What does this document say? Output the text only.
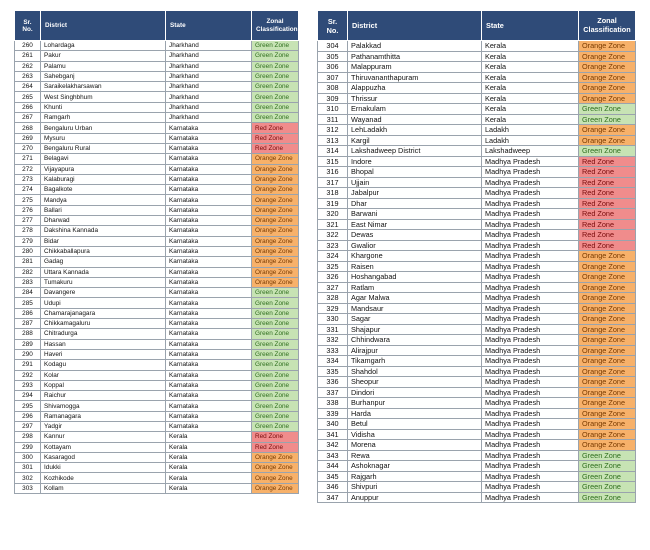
Sr. No.	District	State	Zonal Classification
260	Lohardaga	Jharkhand	Green Zone
261	Pakur	Jharkhand	Green Zone
262	Palamu	Jharkhand	Green Zone
263	Sahebganj	Jharkhand	Green Zone
264	Saraikelakharsawan	Jharkhand	Green Zone
265	West Singhbhum	Jharkhand	Green Zone
266	Khunti	Jharkhand	Green Zone
267	Ramgarh	Jharkhand	Green Zone
268	Bengaluru Urban	Karnataka	Red Zone
269	Mysuru	Karnataka	Red Zone
270	Bengaluru Rural	Karnataka	Red Zone
271	Belagavi	Karnataka	Orange Zone
272	Vijayapura	Karnataka	Orange Zone
273	Kalaburagi	Karnataka	Orange Zone
274	Bagalkote	Karnataka	Orange Zone
275	Mandya	Karnataka	Orange Zone
276	Ballari	Karnataka	Orange Zone
277	Dharwad	Karnataka	Orange Zone
278	Dakshina Kannada	Karnataka	Orange Zone
279	Bidar	Karnataka	Orange Zone
280	Chikkaballapura	Karnataka	Orange Zone
281	Gadag	Karnataka	Orange Zone
282	Uttara Kannada	Karnataka	Orange Zone
283	Tumakuru	Karnataka	Orange Zone
284	Davangere	Karnataka	Green Zone
285	Udupi	Karnataka	Green Zone
286	Chamarajanagara	Karnataka	Green Zone
287	Chikkamagaluru	Karnataka	Green Zone
288	Chitradurga	Karnataka	Green Zone
289	Hassan	Karnataka	Green Zone
290	Haveri	Karnataka	Green Zone
291	Kodagu	Karnataka	Green Zone
292	Kolar	Karnataka	Green Zone
293	Koppal	Karnataka	Green Zone
294	Raichur	Karnataka	Green Zone
295	Shivamogga	Karnataka	Green Zone
296	Ramanagara	Karnataka	Green Zone
297	Yadgir	Karnataka	Green Zone
298	Kannur	Kerala	Red Zone
299	Kottayam	Kerala	Red Zone
300	Kasaragod	Kerala	Orange Zone
301	Idukki	Kerala	Orange Zone
302	Kozhikode	Kerala	Orange Zone
303	Kollam	Kerala	Orange Zone
Sr. No.	District	State	Zonal Classification
304	Palakkad	Kerala	Orange Zone
305	Pathanamthitta	Kerala	Orange Zone
306	Malappuram	Kerala	Orange Zone
307	Thiruvananthapuram	Kerala	Orange Zone
308	Alappuzha	Kerala	Orange Zone
309	Thrissur	Kerala	Orange Zone
310	Ernakulam	Kerala	Green Zone
311	Wayanad	Kerala	Green Zone
312	LehLadakh	Ladakh	Orange Zone
313	Kargil	Ladakh	Orange Zone
314	Lakshadweep District	Lakshadweep	Green Zone
315	Indore	Madhya Pradesh	Red Zone
316	Bhopal	Madhya Pradesh	Red Zone
317	Ujjain	Madhya Pradesh	Red Zone
318	Jabalpur	Madhya Pradesh	Red Zone
319	Dhar	Madhya Pradesh	Red Zone
320	Barwani	Madhya Pradesh	Red Zone
321	East Nimar	Madhya Pradesh	Red Zone
322	Dewas	Madhya Pradesh	Red Zone
323	Gwalior	Madhya Pradesh	Red Zone
324	Khargone	Madhya Pradesh	Orange Zone
325	Raisen	Madhya Pradesh	Orange Zone
326	Hoshangabad	Madhya Pradesh	Orange Zone
327	Ratlam	Madhya Pradesh	Orange Zone
328	Agar Malwa	Madhya Pradesh	Orange Zone
329	Mandsaur	Madhya Pradesh	Orange Zone
330	Sagar	Madhya Pradesh	Orange Zone
331	Shajapur	Madhya Pradesh	Orange Zone
332	Chhindwara	Madhya Pradesh	Orange Zone
333	Alirajpur	Madhya Pradesh	Orange Zone
334	Tikamgarh	Madhya Pradesh	Orange Zone
335	Shahdol	Madhya Pradesh	Orange Zone
336	Sheopur	Madhya Pradesh	Orange Zone
337	Dindori	Madhya Pradesh	Orange Zone
338	Burhanpur	Madhya Pradesh	Orange Zone
339	Harda	Madhya Pradesh	Orange Zone
340	Betul	Madhya Pradesh	Orange Zone
341	Vidisha	Madhya Pradesh	Orange Zone
342	Morena	Madhya Pradesh	Orange Zone
343	Rewa	Madhya Pradesh	Green Zone
344	Ashoknagar	Madhya Pradesh	Green Zone
345	Rajgarh	Madhya Pradesh	Green Zone
346	Shivpuri	Madhya Pradesh	Green Zone
347	Anuppur	Madhya Pradesh	Green Zone
